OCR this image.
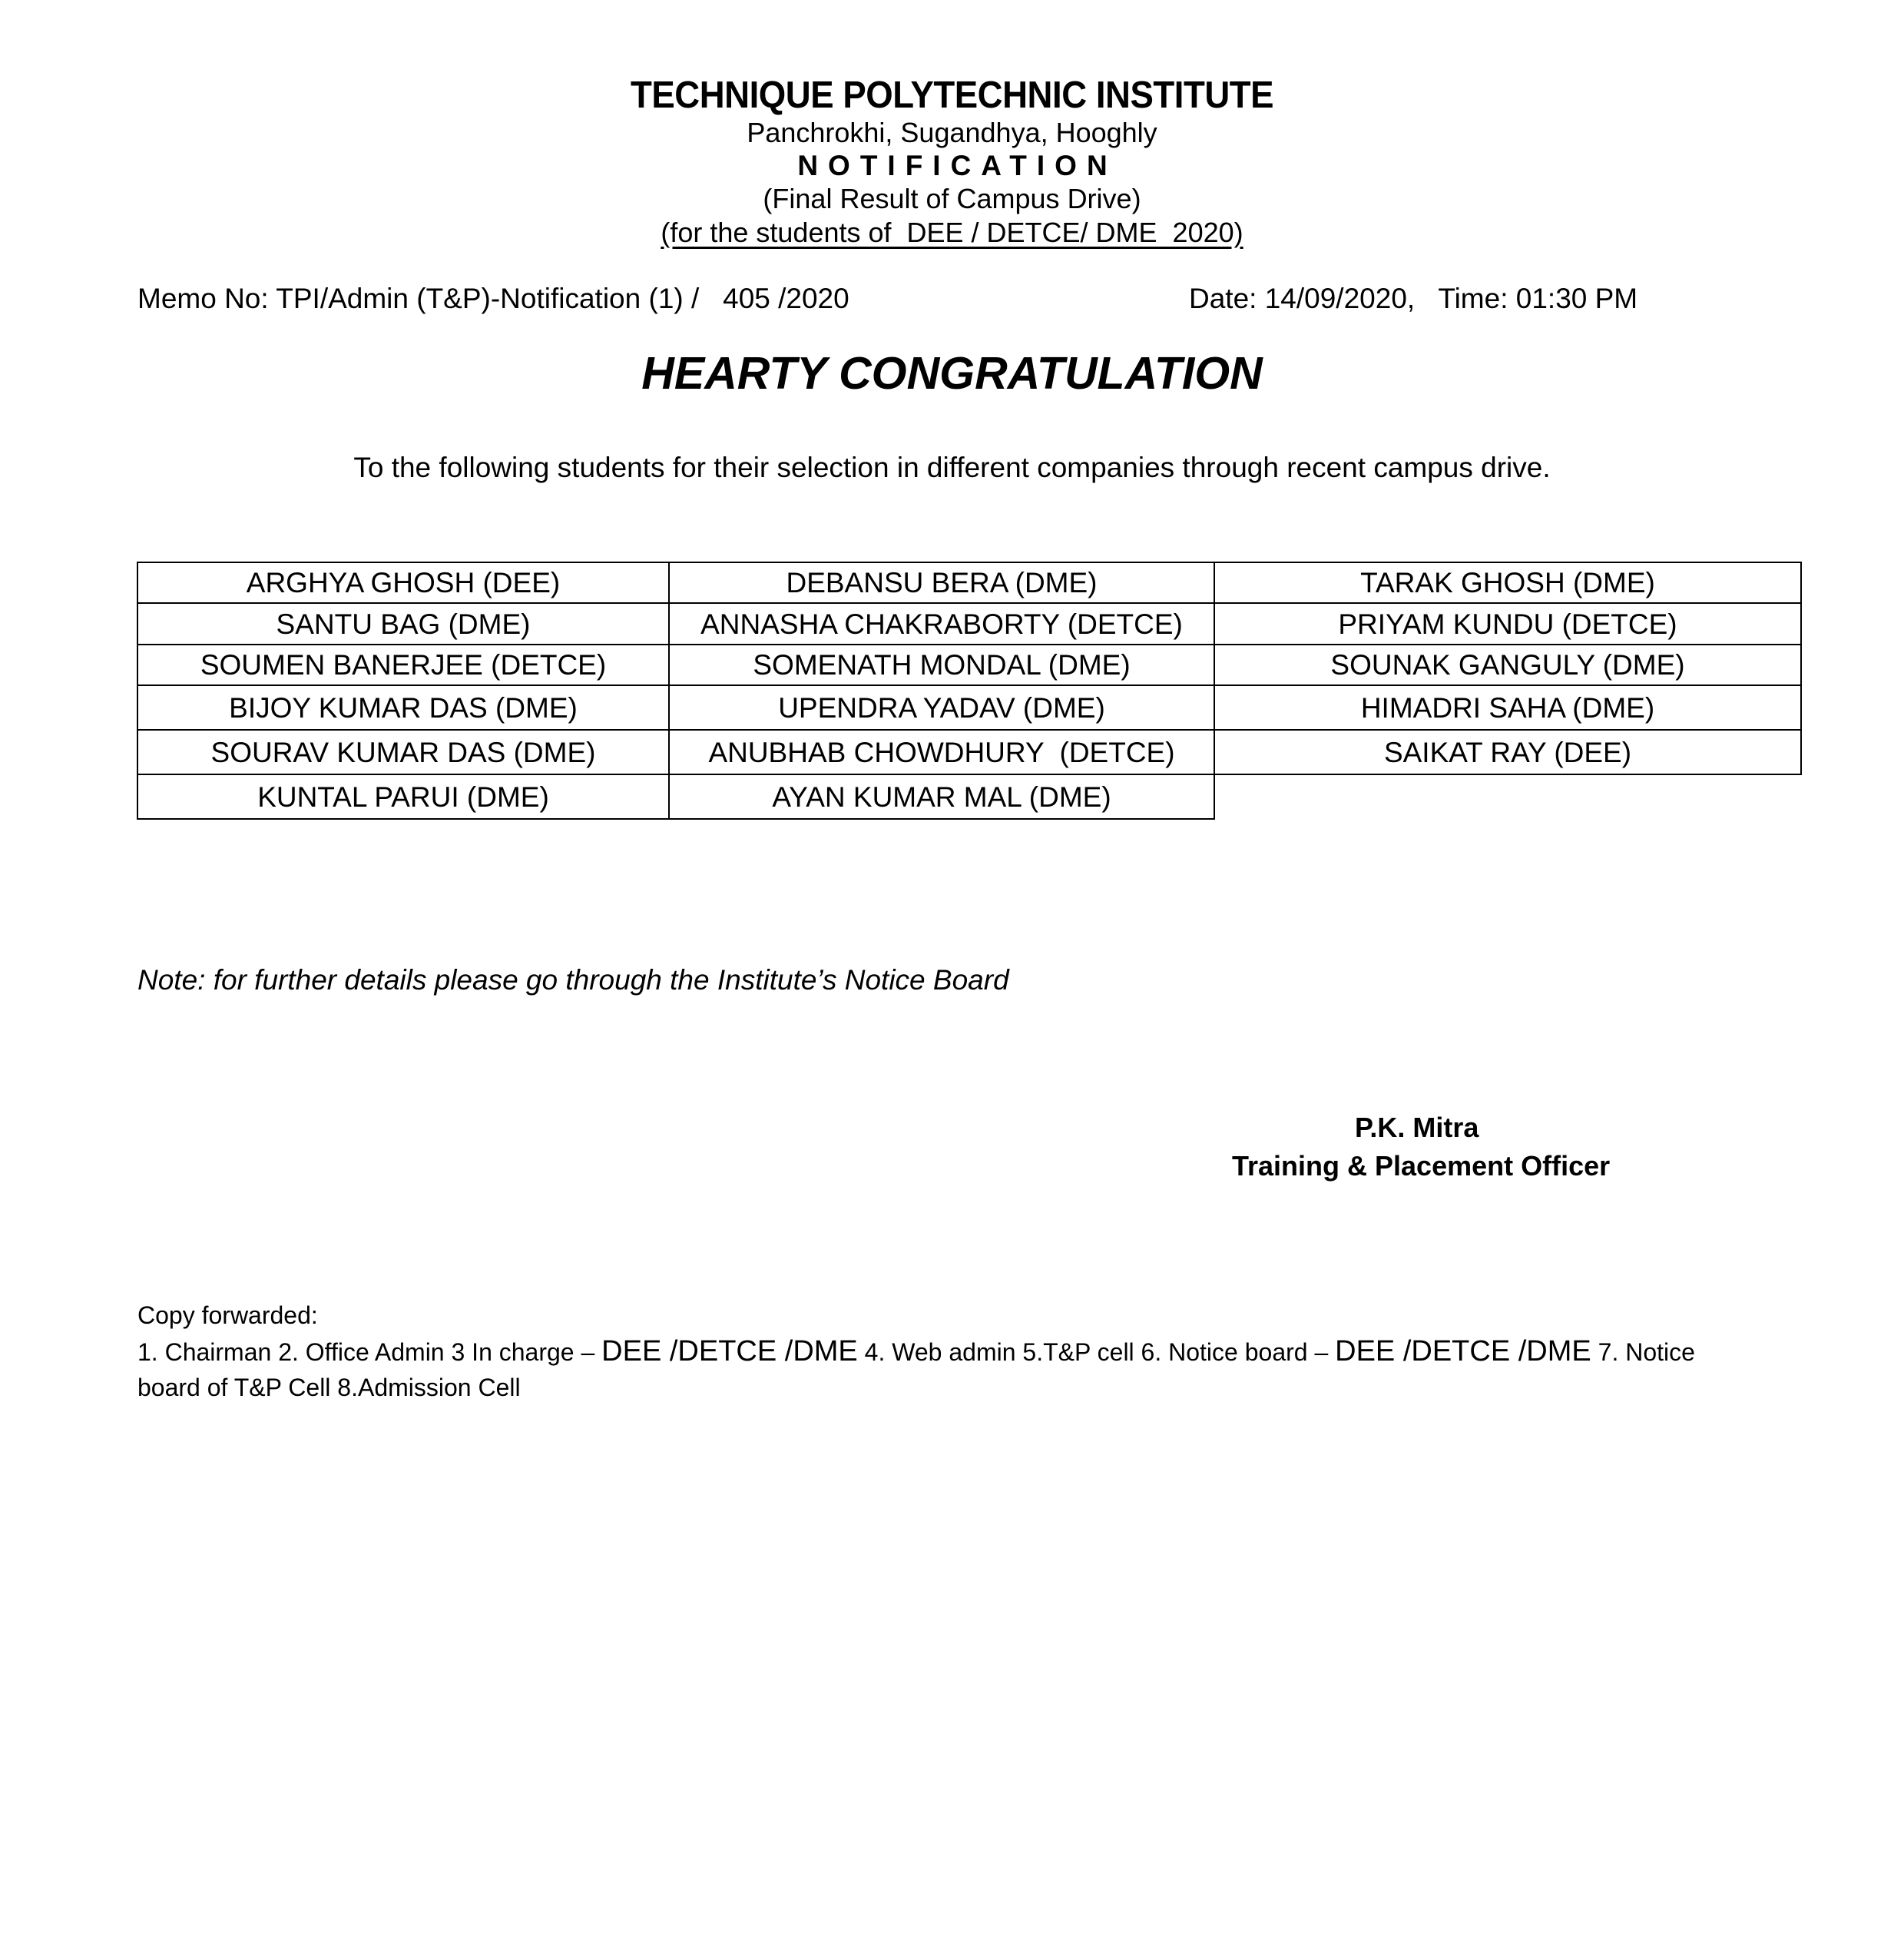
TECHNIQUE POLYTECHNIC INSTITUTE
Panchrokhi, Sugandhya, Hooghly
NOTIFICATION
(Final Result of Campus Drive)
(for the students of  DEE / DETCE/ DME  2020)
Memo No: TPI/Admin (T&P)-Notification (1) /   405 /2020	Date: 14/09/2020,   Time: 01:30 PM
HEARTY CONGRATULATION
To the following students for their selection in different companies through recent campus drive.
ARGHYA GHOSH (DEE)	DEBANSU BERA (DME)	TARAK GHOSH (DME)
SANTU BAG (DME)	ANNASHA CHAKRABORTY (DETCE)	PRIYAM KUNDU (DETCE)
SOUMEN BANERJEE (DETCE)	SOMENATH MONDAL (DME)	SOUNAK GANGULY (DME)
BIJOY KUMAR DAS (DME)	UPENDRA YADAV (DME)	HIMADRI SAHA (DME)
SOURAV KUMAR DAS (DME)	ANUBHAB CHOWDHURY  (DETCE)	SAIKAT RAY (DEE)
KUNTAL PARUI (DME)	AYAN KUMAR MAL (DME)	
Note: for further details please go through the Institute’s Notice Board
P.K. Mitra
Training & Placement Officer
Copy forwarded:
1. Chairman 2. Office Admin 3 In charge – DEE /DETCE /DME 4. Web admin 5.T&P cell 6. Notice board – DEE /DETCE /DME 7. Notice board of T&P Cell 8.Admission Cell
